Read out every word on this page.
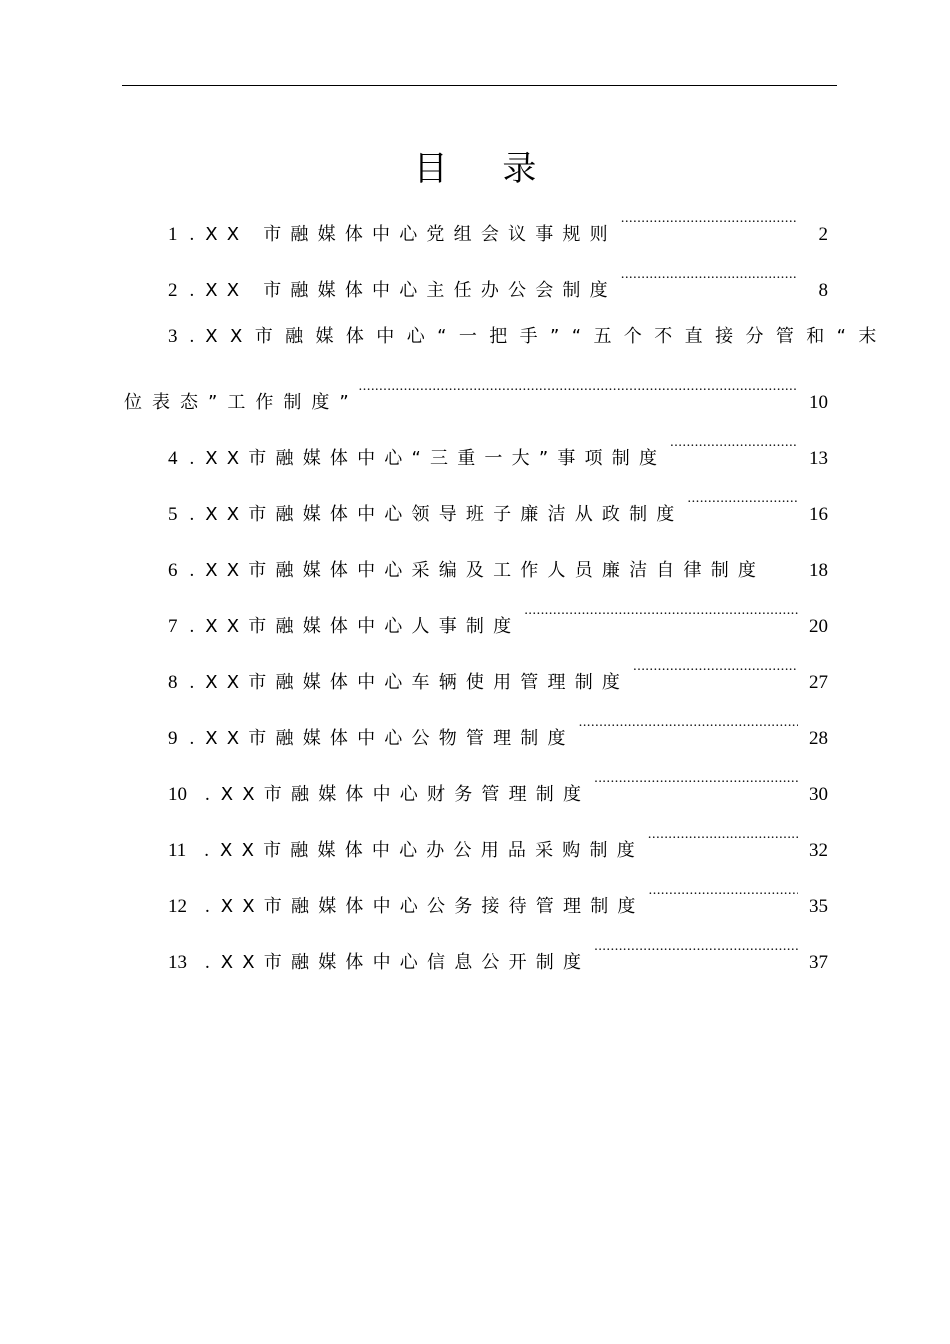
目 录
1 . XX 市融媒体中心党组会议事规则 .....	2
2 . XX 市融媒体中心主任办公会制度 .....	8
3 . XX市融媒体中心“一把手”“五个不直接分管和“末
位表态”工作制度” .....	10
4 . XX市融媒体中心“三重一大”事项制度 .....	13
5 . XX市融媒体中心领导班子廉洁从政制度 .....	16
6 . XX市融媒体中心采编及工作人员廉洁自律制度 18
7 . XX市融媒体中心人事制度 .....	20
8 . XX市融媒体中心车辆使用管理制度 .....	27
9 . XX市融媒体中心公物管理制度 .....	28
10 . XX市融媒体中心财务管理制度 .....	30
11 . XX市融媒体中心办公用品采购制度 .....	32
12 . XX市融媒体中心公务接待管理制度 .....	35
13 . XX市融媒体中心信息公开制度 .....	37
